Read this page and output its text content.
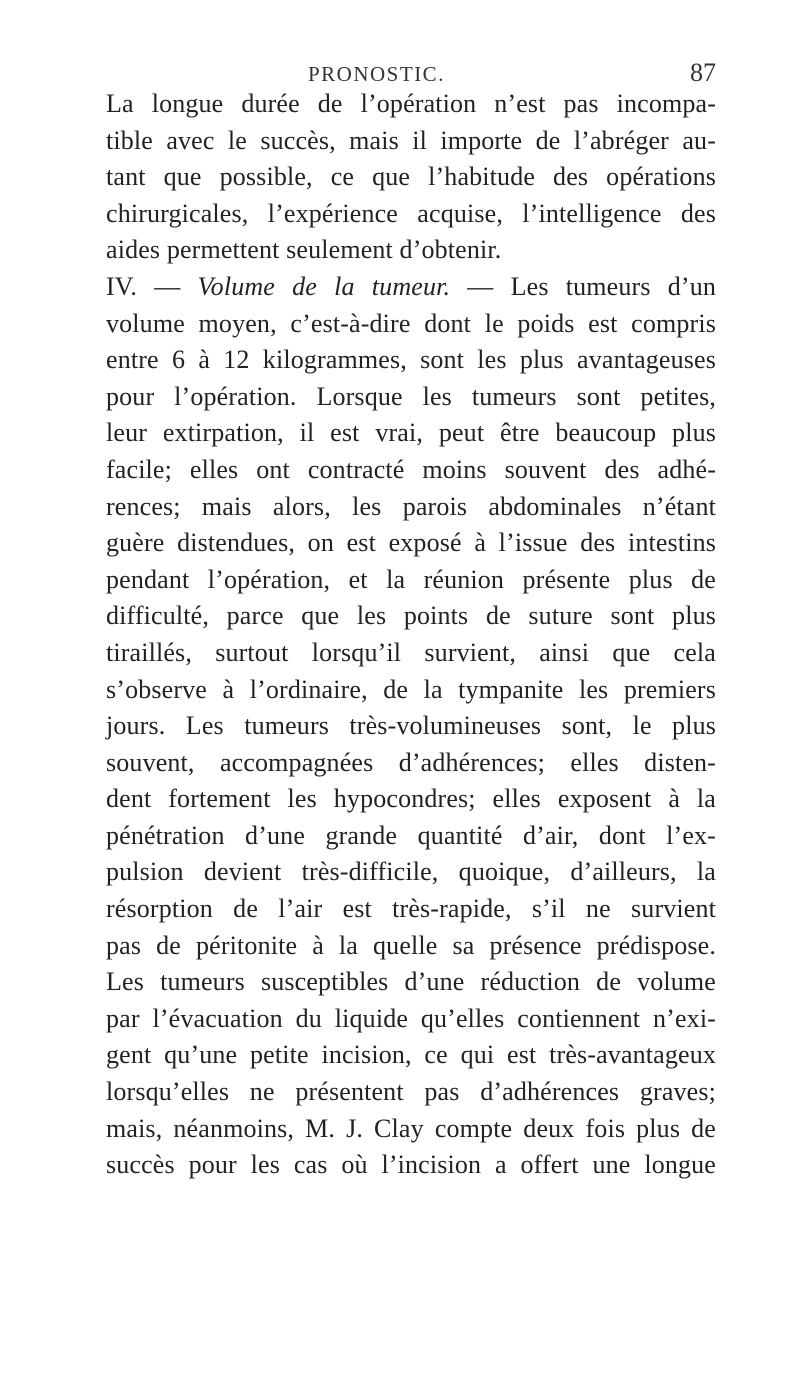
PRONOSTIC.	87
La longue durée de l’opération n’est pas incompa-
tible avec le succès, mais il importe de l’abréger au-
tant que possible, ce que l’habitude des opérations
chirurgicales, l’expérience acquise, l’intelligence des
aides permettent seulement d’obtenir.
IV. — Volume de la tumeur. — Les tumeurs d’un
volume moyen, c’est-à-dire dont le poids est compris
entre 6 à 12 kilogrammes, sont les plus avantageuses
pour l’opération. Lorsque les tumeurs sont petites,
leur extirpation, il est vrai, peut être beaucoup plus
facile; elles ont contracté moins souvent des adhé-
rences; mais alors, les parois abdominales n’étant
guère distendues, on est exposé à l’issue des intestins
pendant l’opération, et la réunion présente plus de
difficulté, parce que les points de suture sont plus
tiraillés, surtout lorsqu’il survient, ainsi que cela
s’observe à l’ordinaire, de la tympanite les premiers
jours. Les tumeurs très-volumineuses sont, le plus
souvent, accompagnées d’adhérences; elles disten-
dent fortement les hypocondres; elles exposent à la
pénétration d’une grande quantité d’air, dont l’ex-
pulsion devient très-difficile, quoique, d’ailleurs, la
résorption de l’air est très-rapide, s’il ne survient
pas de péritonite à la quelle sa présence prédispose.
Les tumeurs susceptibles d’une réduction de volume
par l’évacuation du liquide qu’elles contiennent n’exi-
gent qu’une petite incision, ce qui est très-avantageux
lorsqu’elles ne présentent pas d’adhérences graves;
mais, néanmoins, M. J. Clay compte deux fois plus de
succès pour les cas où l’incision a offert une longue
